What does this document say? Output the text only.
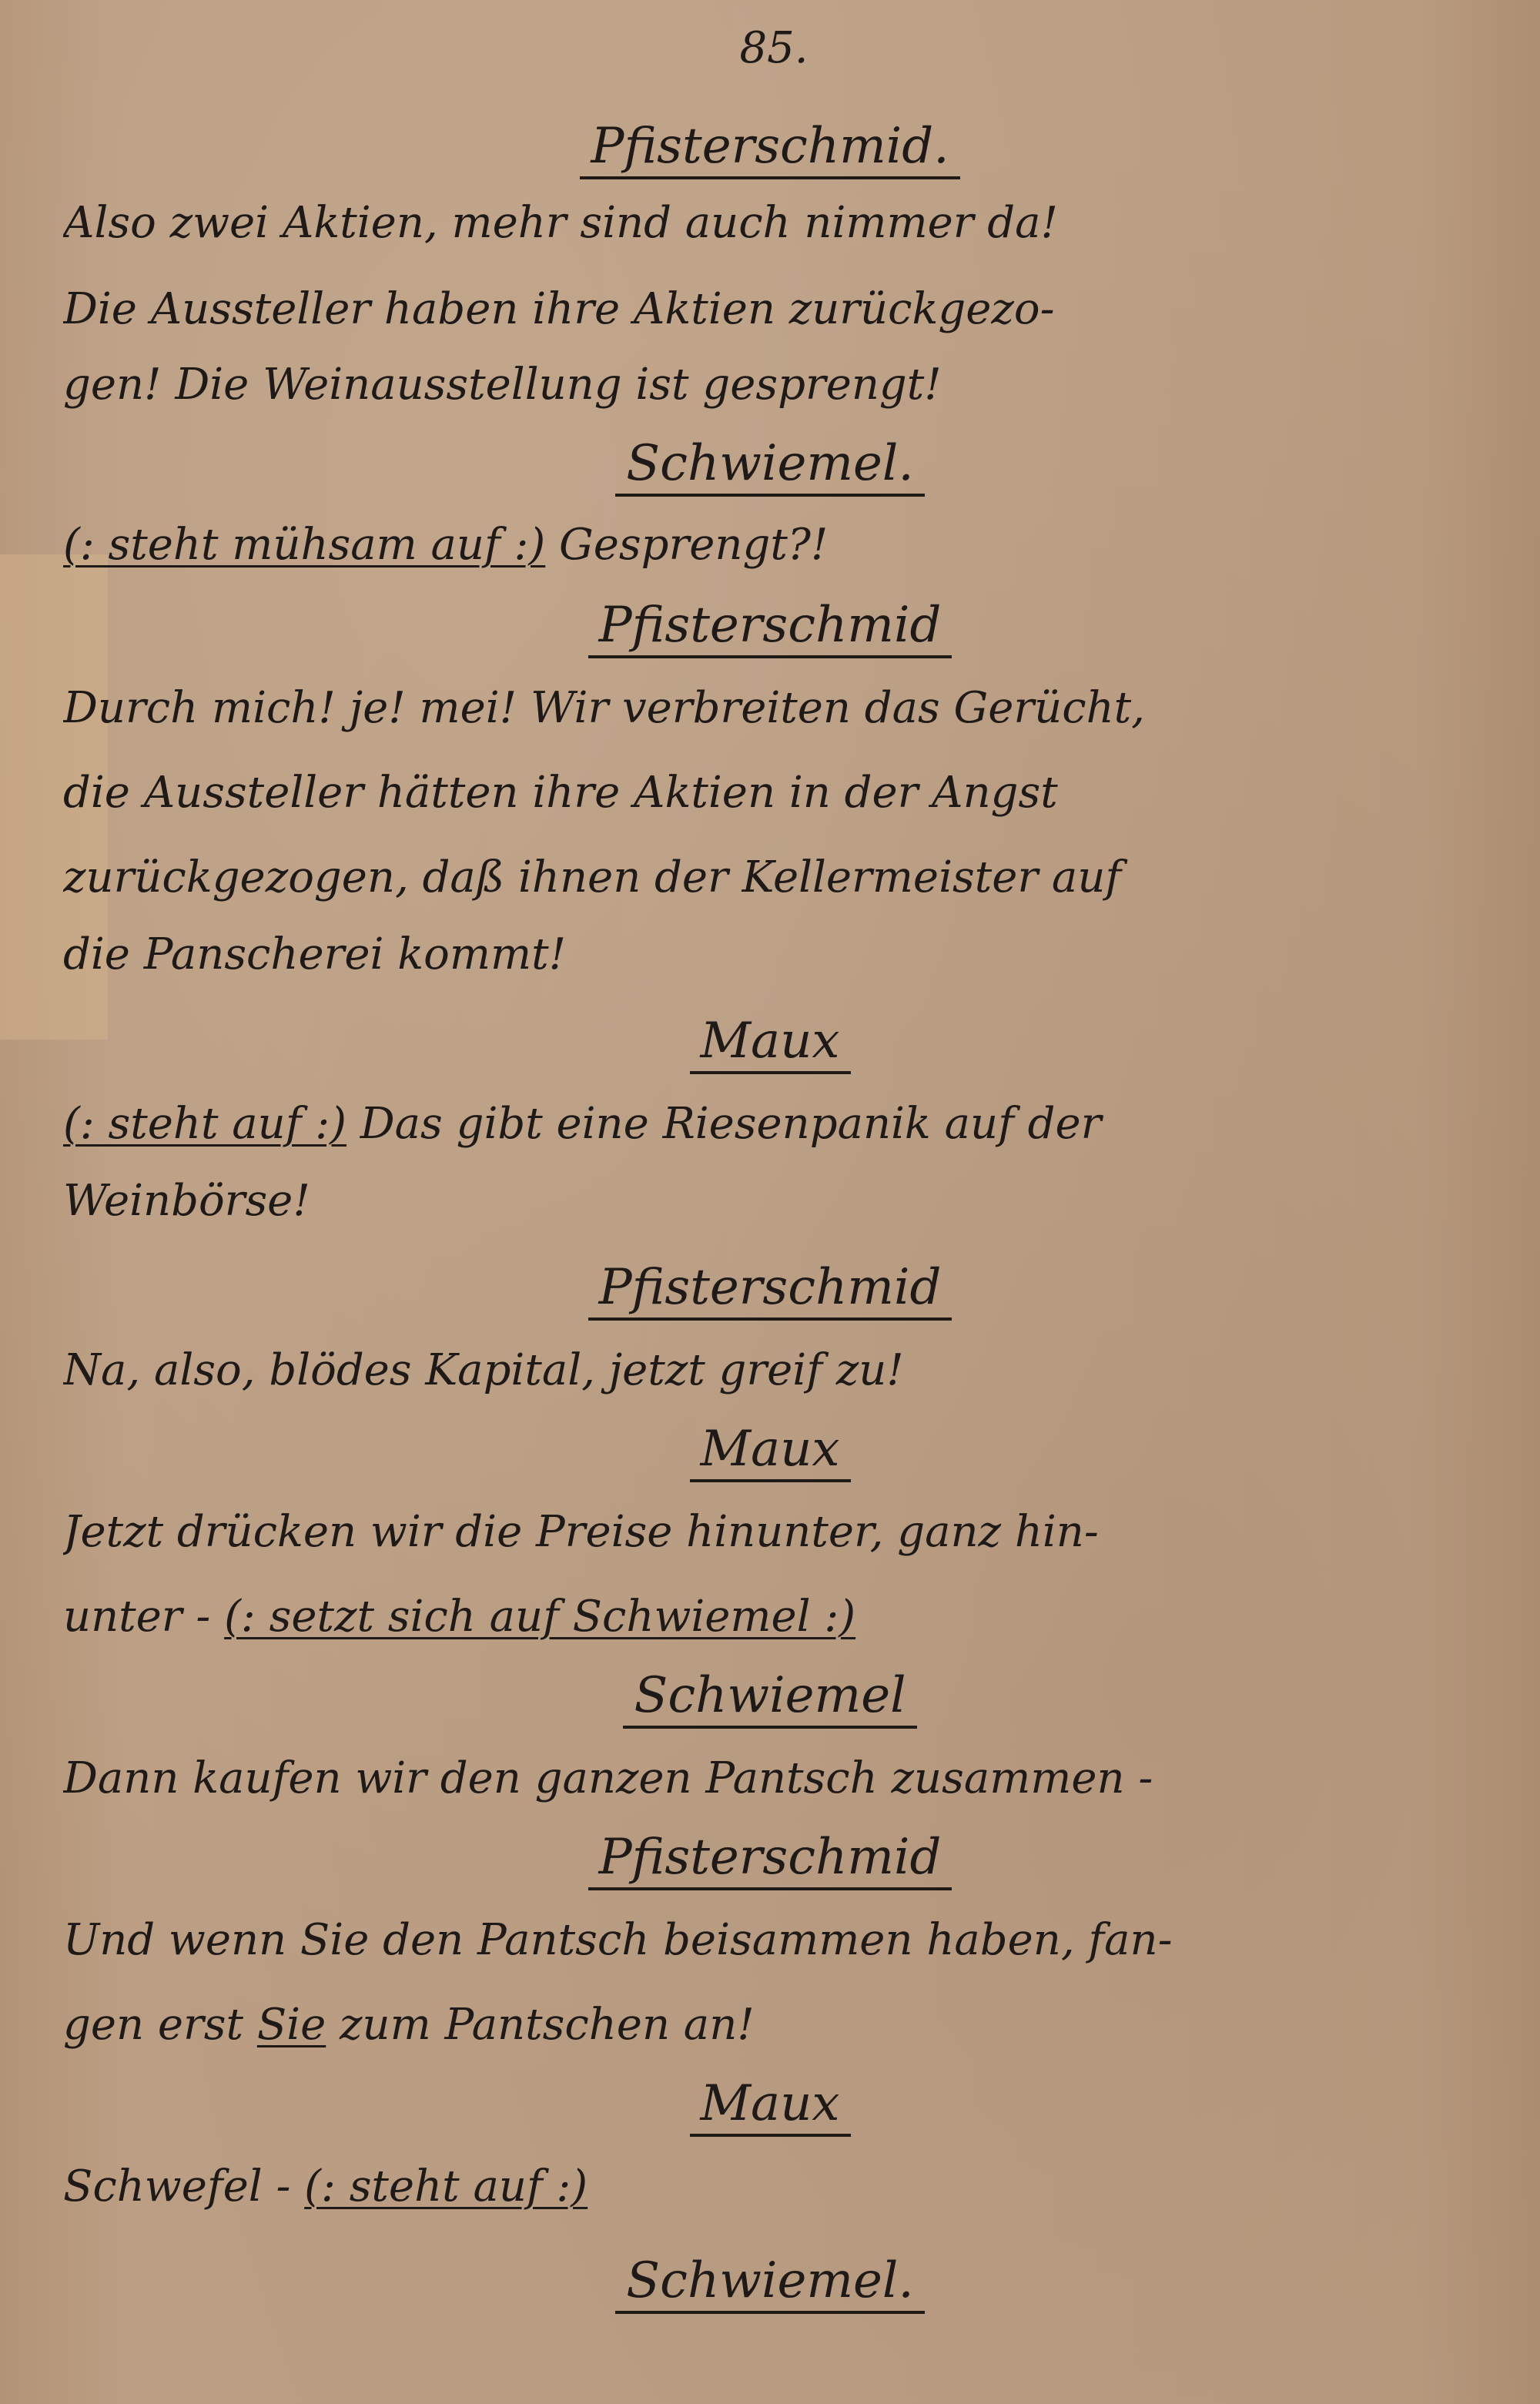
85.
Pfisterschmid.
Also zwei Aktien, mehr sind auch nimmer da!
Die Aussteller haben ihre Aktien zurückgezo-
gen! Die Weinausstellung ist gesprengt!
Schwiemel.
(: steht mühsam auf :) Gesprengt?!
Pfisterschmid
Durch mich! je! mei! Wir verbreiten das Gerücht,
die Aussteller hätten ihre Aktien in der Angst
zurückgezogen, daß ihnen der Kellermeister auf
die Panscherei kommt!
Maux
(: steht auf :) Das gibt eine Riesenpanik auf der
Weinbörse!
Pfisterschmid
Na, also, blödes Kapital, jetzt greif zu!
Maux
Jetzt drücken wir die Preise hinunter, ganz hin-
unter - (: setzt sich auf Schwiemel :)
Schwiemel
Dann kaufen wir den ganzen Pantsch zusammen -
Pfisterschmid
Und wenn Sie den Pantsch beisammen haben, fan-
gen erst Sie zum Pantschen an!
Maux
Schwefel - (: steht auf :)
Schwiemel.
